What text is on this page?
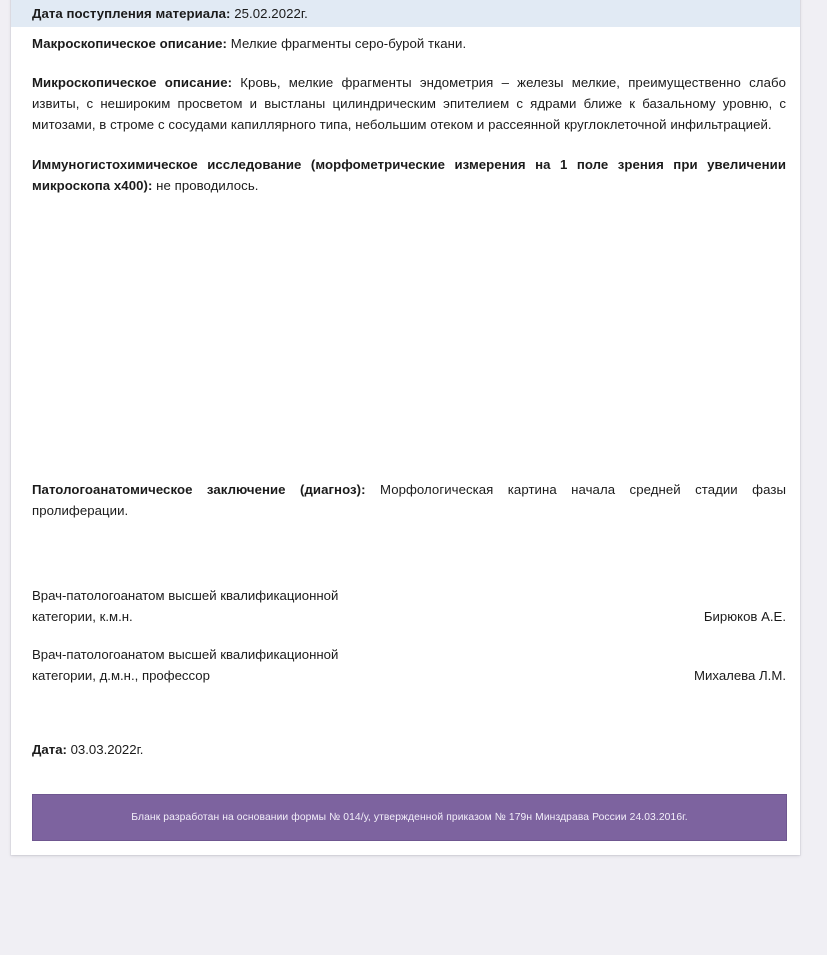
Дата поступления материала: 25.02.2022г.

Макроскопическое описание: Мелкие фрагменты серо-бурой ткани.

Микроскопическое описание: Кровь, мелкие фрагменты эндометрия – железы мелкие, преимущественно слабо извиты, с нешироким просветом и выстланы цилиндрическим эпителием с ядрами ближе к базальному уровню, с митозами, в строме с сосудами капиллярного типа, небольшим отеком и рассеянной круглоклеточной инфильтрацией.

Иммуногистохимическое исследование (морфометрические измерения на 1 поле зрения при увеличении микроскопа х400): не проводилось.

Патологоанатомическое заключение (диагноз): Морфологическая картина начала средней стадии фазы пролиферации.

Врач-патологоанатом высшей квалификационной
категории, к.м.н.	Бирюков А.Е.
Врач-патологоанатом высшей квалификационной
категории, д.м.н., профессор	Михалева Л.М.
Дата: 03.03.2022г.
Бланк разработан на основании формы № 014/у, утвержденной приказом № 179н Минздрава России 24.03.2016г.
